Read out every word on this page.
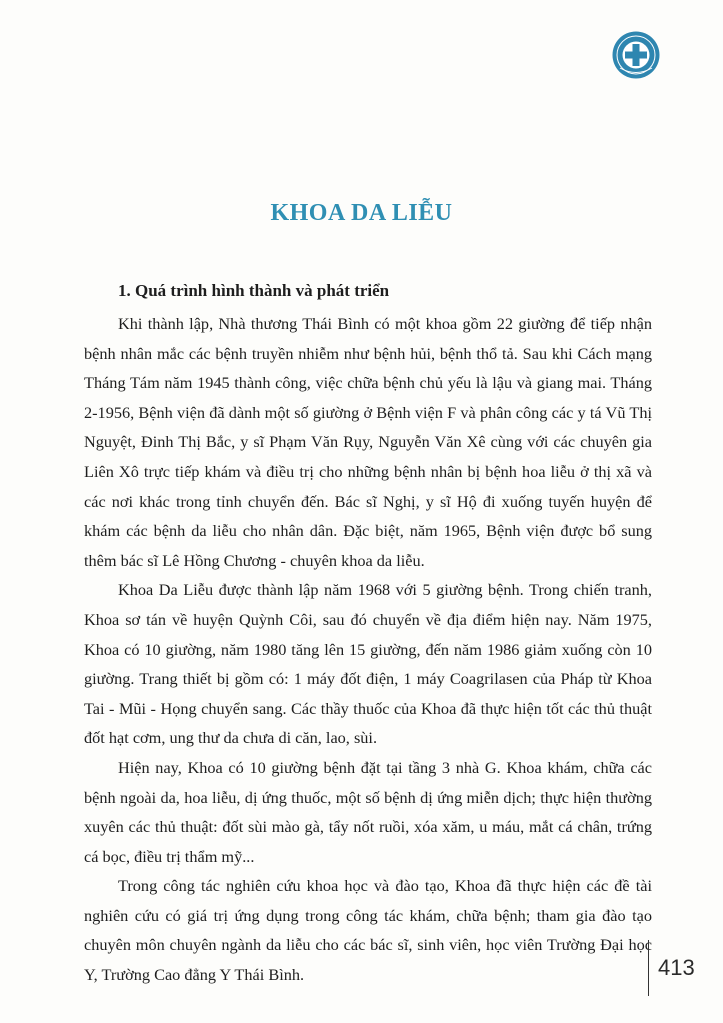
KHOA DA LIỄU
1. Quá trình hình thành và phát triển

Khi thành lập, Nhà thương Thái Bình có một khoa gồm 22 giường để tiếp nhận bệnh nhân mắc các bệnh truyền nhiễm như bệnh hủi, bệnh thổ tả. Sau khi Cách mạng Tháng Tám năm 1945 thành công, việc chữa bệnh chủ yếu là lậu và giang mai. Tháng 2-1956, Bệnh viện đã dành một số giường ở Bệnh viện F và phân công các y tá Vũ Thị Nguyệt, Đinh Thị Bắc, y sĩ Phạm Văn Rụy, Nguyễn Văn Xê cùng với các chuyên gia Liên Xô trực tiếp khám và điều trị cho những bệnh nhân bị bệnh hoa liễu ở thị xã và các nơi khác trong tỉnh chuyển đến. Bác sĩ Nghị, y sĩ Hộ đi xuống tuyến huyện để khám các bệnh da liễu cho nhân dân. Đặc biệt, năm 1965, Bệnh viện được bổ sung thêm bác sĩ Lê Hồng Chương - chuyên khoa da liễu.

Khoa Da Liễu được thành lập năm 1968 với 5 giường bệnh. Trong chiến tranh, Khoa sơ tán về huyện Quỳnh Côi, sau đó chuyển về địa điểm hiện nay. Năm 1975, Khoa có 10 giường, năm 1980 tăng lên 15 giường, đến năm 1986 giảm xuống còn 10 giường. Trang thiết bị gồm có: 1 máy đốt điện, 1 máy Coagrilasen của Pháp từ Khoa Tai - Mũi - Họng chuyển sang. Các thầy thuốc của Khoa đã thực hiện tốt các thủ thuật đốt hạt cơm, ung thư da chưa di căn, lao, sùi.

Hiện nay, Khoa có 10 giường bệnh đặt tại tầng 3 nhà G. Khoa khám, chữa các bệnh ngoài da, hoa liễu, dị ứng thuốc, một số bệnh dị ứng miễn dịch; thực hiện thường xuyên các thủ thuật: đốt sùi mào gà, tẩy nốt ruồi, xóa xăm, u máu, mắt cá chân, trứng cá bọc, điều trị thẩm mỹ...

Trong công tác nghiên cứu khoa học và đào tạo, Khoa đã thực hiện các đề tài nghiên cứu có giá trị ứng dụng trong công tác khám, chữa bệnh; tham gia đào tạo chuyên môn chuyên ngành da liễu cho các bác sĩ, sinh viên, học viên Trường Đại học Y, Trường Cao đẳng Y Thái Bình.	413
